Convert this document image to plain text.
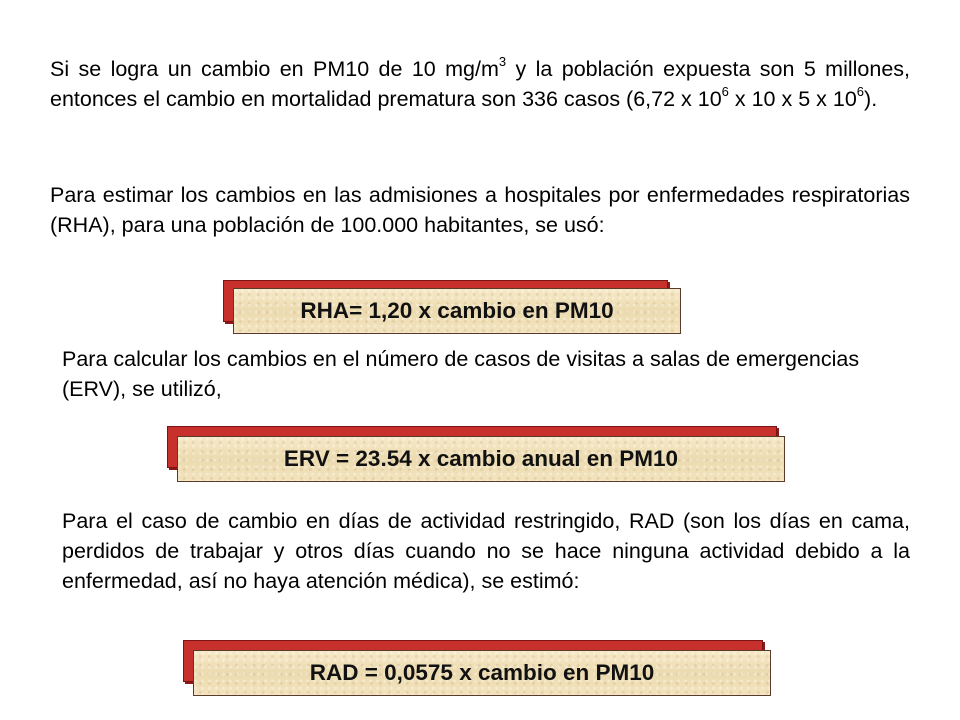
Si se logra un cambio en PM10 de 10 $mg/m^3$ y la población expuesta son 5 millones, entonces el cambio en mortalidad prematura son 336 casos (6,72 x $10^6$ x 10 x 5 x $10^6$).

Para estimar los cambios en las admisiones a hospitales por enfermedades respiratorias (RHA), para una población de 100.000 habitantes, se usó:

RHA= 1,20 x cambio en PM10

Para calcular los cambios en el número de casos de visitas a salas de emergencias (ERV), se utilizó,

ERV = 23.54 x cambio anual en PM10

Para el caso de cambio en días de actividad restringido, RAD (son los días en cama, perdidos de trabajar y otros días cuando no se hace ninguna actividad debido a la enfermedad, así no haya atención médica), se estimó:

RAD = 0,0575 x cambio en PM10
